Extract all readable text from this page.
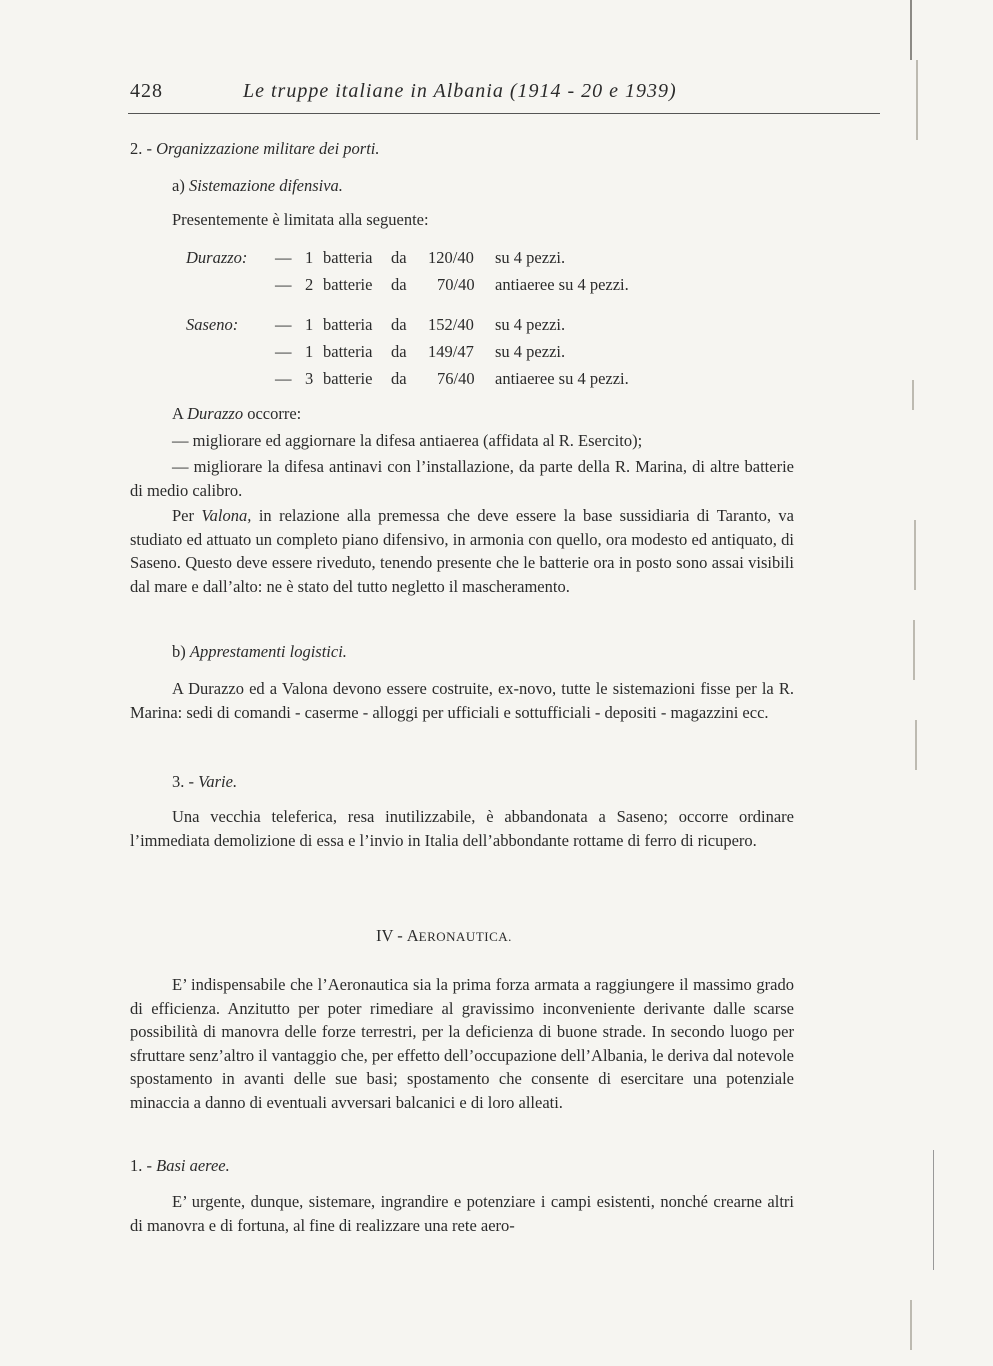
428	Le truppe italiane in Albania (1914 - 20 e 1939)
2. - Organizzazione militare dei porti.
a) Sistemazione difensiva.
Presentemente è limitata alla seguente:
Durazzo:
Saseno:
— 1 batteria da 120/40 su 4 pezzi.
— 2 batterie da 70/40 antiaeree su 4 pezzi.
— 1 batteria da 152/40 su 4 pezzi.
— 1 batteria da 149/47 su 4 pezzi.
— 3 batterie da 76/40 antiaeree su 4 pezzi.
A Durazzo occorre:
— migliorare ed aggiornare la difesa antiaerea (affidata al R. Esercito);
— migliorare la difesa antinavi con l’installazione, da parte della R. Marina, di altre batterie di medio calibro.
Per Valona, in relazione alla premessa che deve essere la base sussidiaria di Taranto, va studiato ed attuato un completo piano difensivo, in armonia con quello, ora modesto ed antiquato, di Saseno. Questo deve essere riveduto, tenendo presente che le batterie ora in posto sono assai visibili dal mare e dall’alto: ne è stato del tutto negletto il mascheramento.
b) Apprestamenti logistici.
A Durazzo ed a Valona devono essere costruite, ex-novo, tutte le sistemazioni fisse per la R. Marina: sedi di comandi - caserme - alloggi per ufficiali e sottufficiali - depositi - magazzini ecc.
3. - Varie.
Una vecchia teleferica, resa inutilizzabile, è abbandonata a Saseno; occorre ordinare l’immediata demolizione di essa e l’invio in Italia dell’abbondante rottame di ferro di ricupero.
IV - AERONAUTICA.
E’ indispensabile che l’Aeronautica sia la prima forza armata a raggiungere il massimo grado di efficienza. Anzitutto per poter rimediare al gravissimo inconveniente derivante dalle scarse possibilità di manovra delle forze terrestri, per la deficienza di buone strade. In secondo luogo per sfruttare senz’altro il vantaggio che, per effetto dell’occupazione dell’Albania, le deriva dal notevole spostamento in avanti delle sue basi; spostamento che consente di esercitare una potenziale minaccia a danno di eventuali avversari balcanici e di loro alleati.
1. - Basi aeree.
E’ urgente, dunque, sistemare, ingrandire e potenziare i campi esistenti, nonché crearne altri di manovra e di fortuna, al fine di realizzare una rete aero-
